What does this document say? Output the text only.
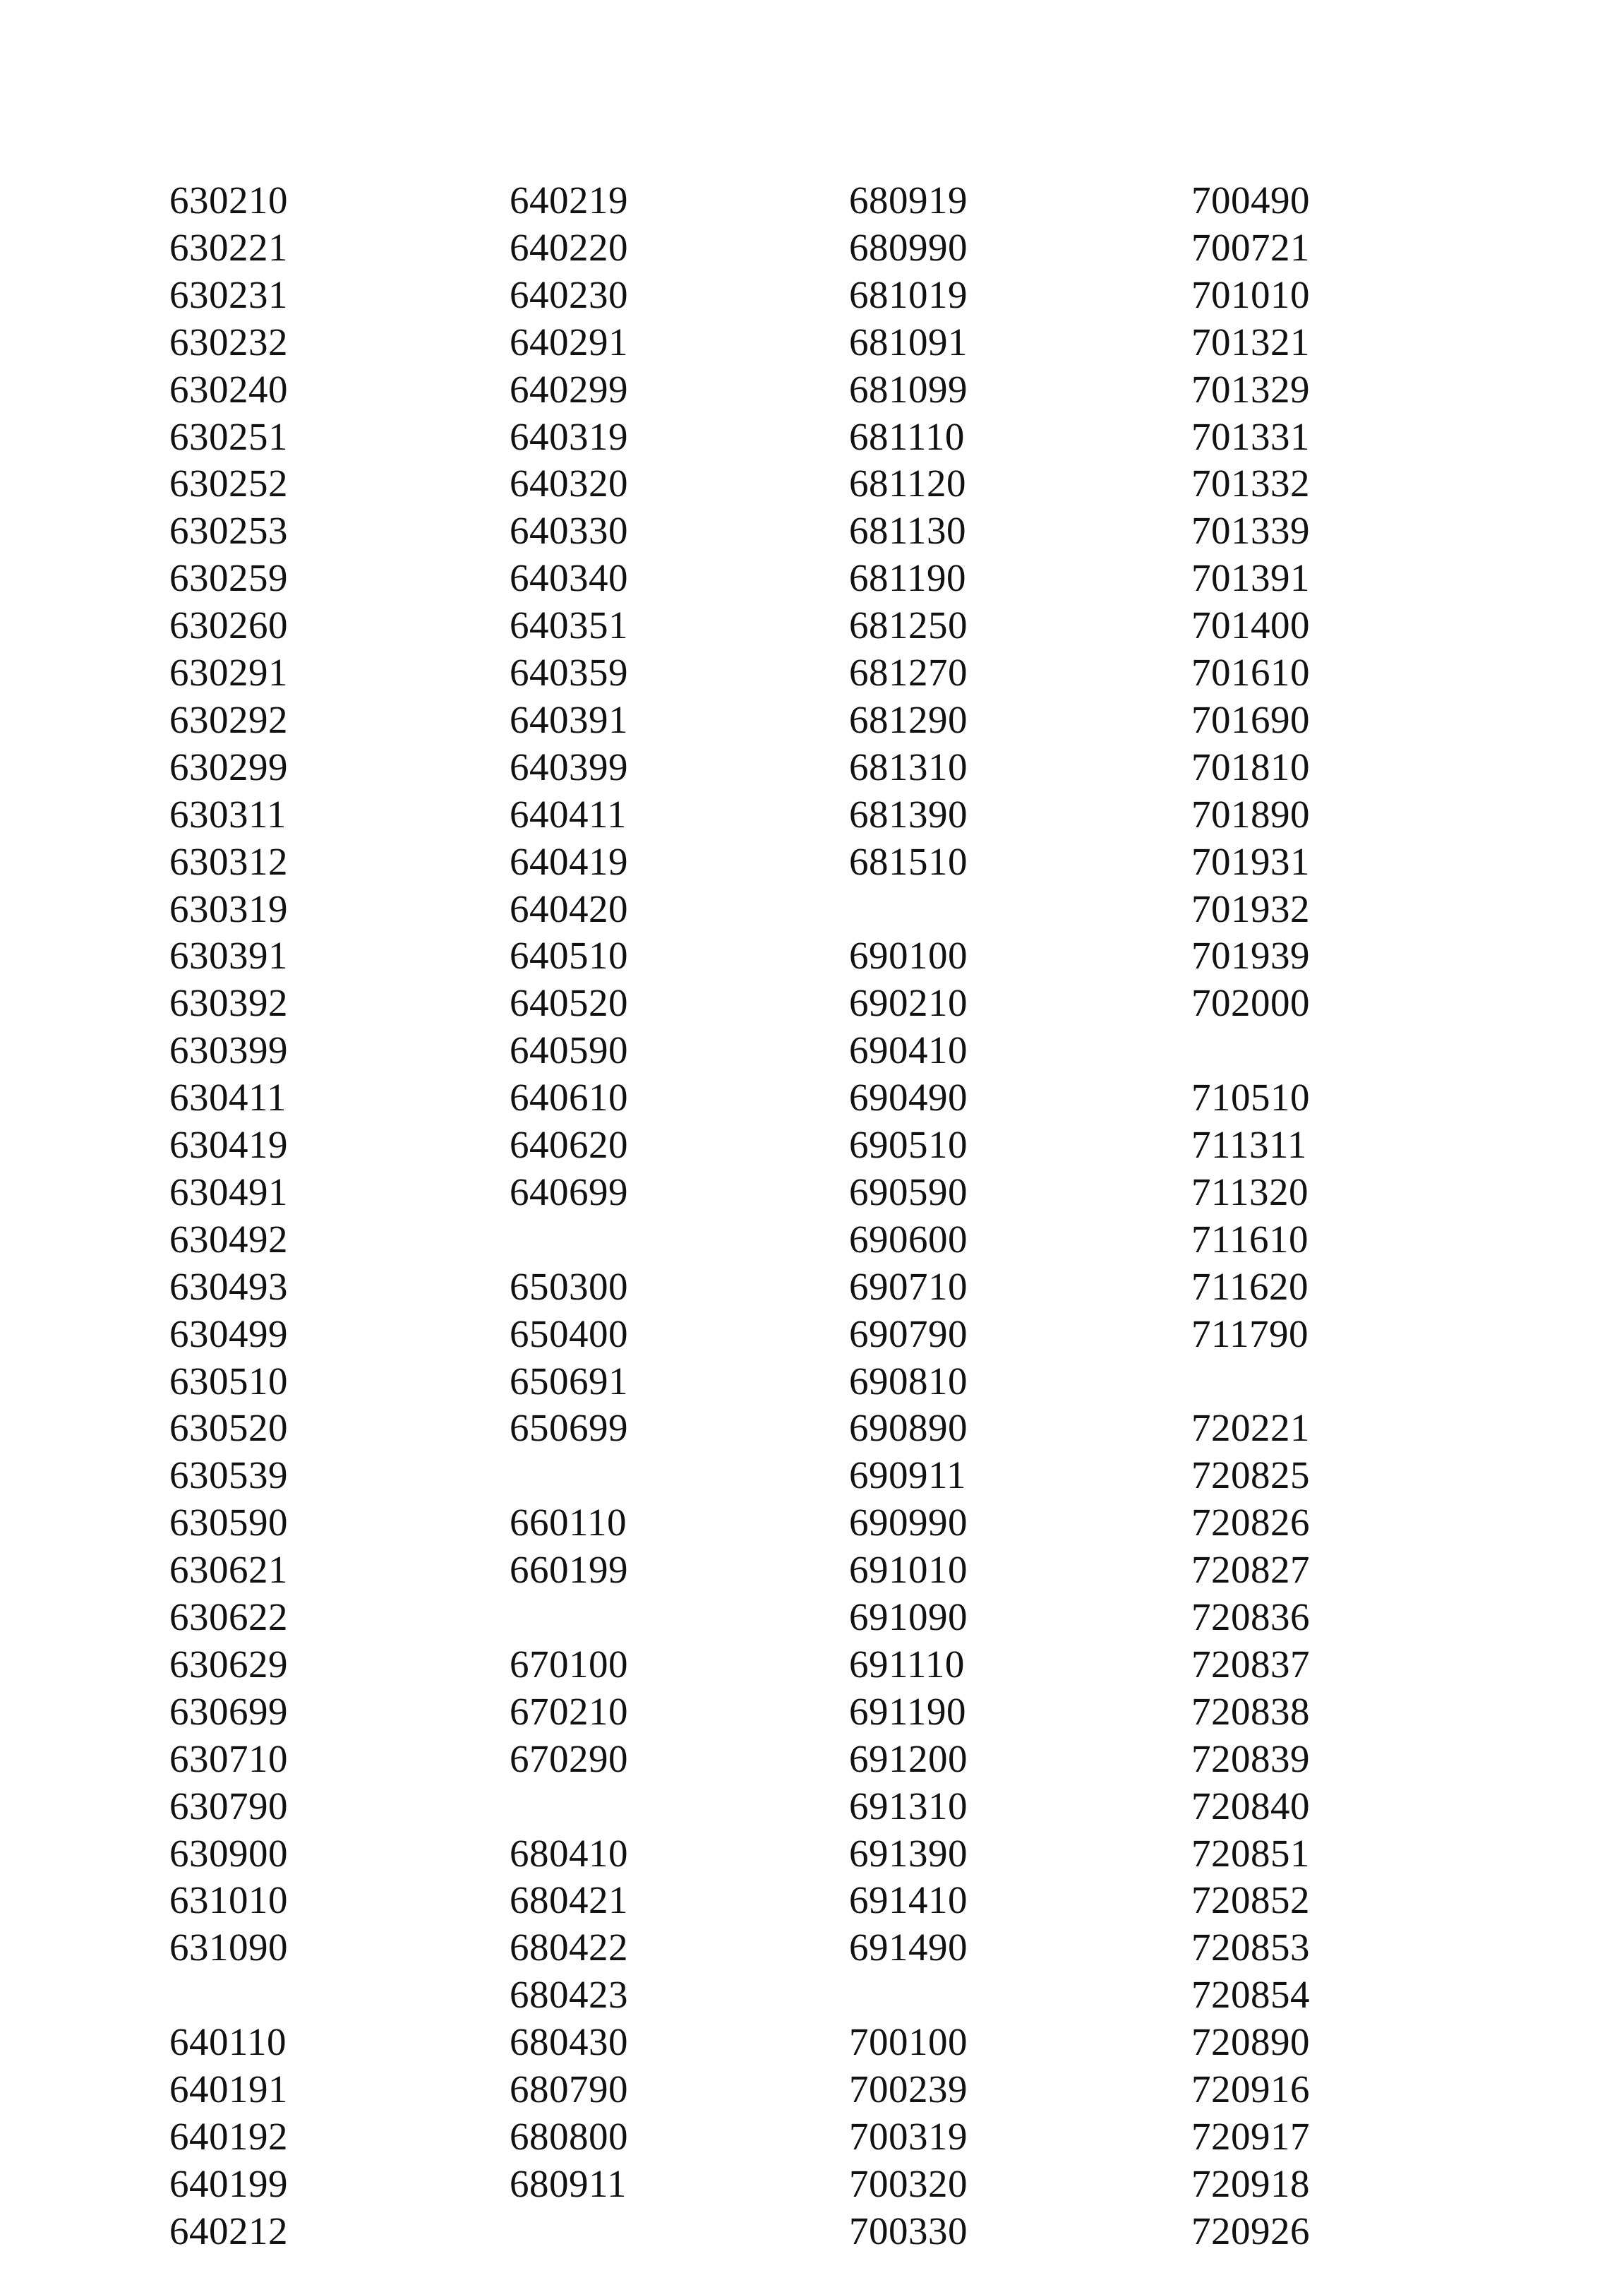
630210
630221
630231
630232
630240
630251
630252
630253
630259
630260
630291
630292
630299
630311
630312
630319
630391
630392
630399
630411
630419
630491
630492
630493
630499
630510
630520
630539
630590
630621
630622
630629
630699
630710
630790
630900
631010
631090
640110
640191
640192
640199
640212
640219
640220
640230
640291
640299
640319
640320
640330
640340
640351
640359
640391
640399
640411
640419
640420
640510
640520
640590
640610
640620
640699
650300
650400
650691
650699
660110
660199
670100
670210
670290
680410
680421
680422
680423
680430
680790
680800
680911
680919
680990
681019
681091
681099
681110
681120
681130
681190
681250
681270
681290
681310
681390
681510
690100
690210
690410
690490
690510
690590
690600
690710
690790
690810
690890
690911
690990
691010
691090
691110
691190
691200
691310
691390
691410
691490
700100
700239
700319
700320
700330
700490
700721
701010
701321
701329
701331
701332
701339
701391
701400
701610
701690
701810
701890
701931
701932
701939
702000
710510
711311
711320
711610
711620
711790
720221
720825
720826
720827
720836
720837
720838
720839
720840
720851
720852
720853
720854
720890
720916
720917
720918
720926
